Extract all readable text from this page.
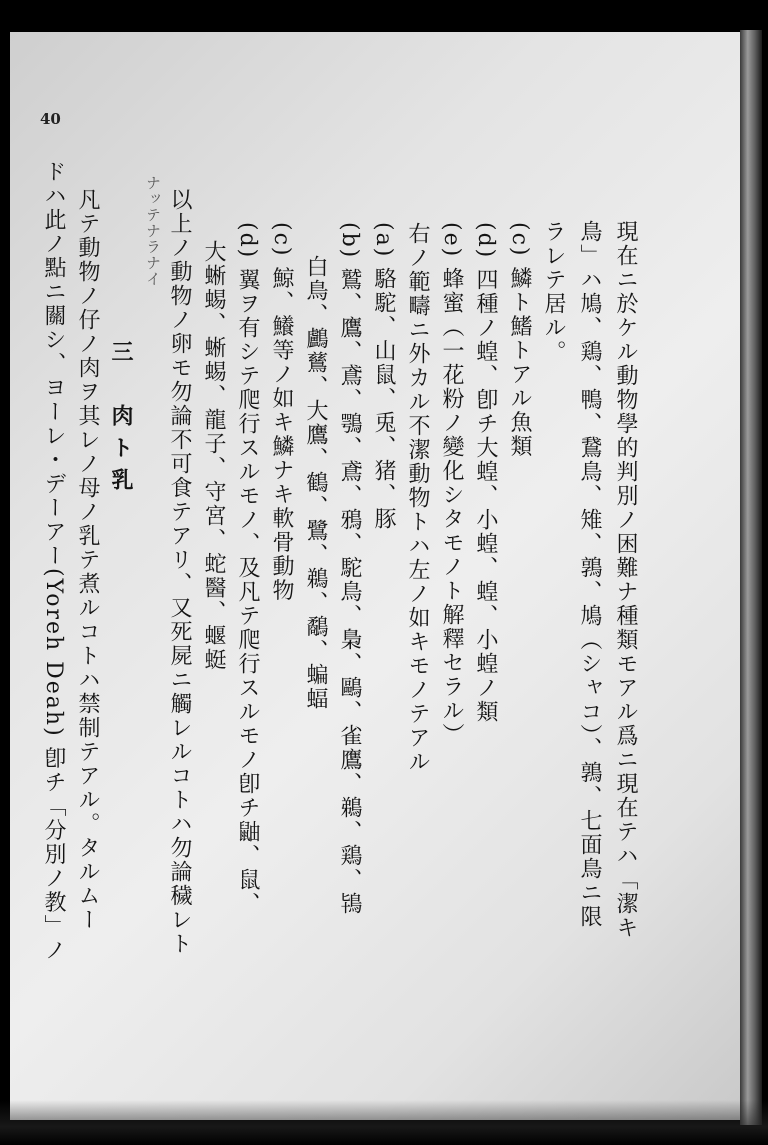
40
現在ニ於ケル動物學的判別ノ困難ナ種類モアル爲ニ現在テハ「潔キ
鳥」ハ鳩、鶏、鴨、鵞鳥、雉、鶉、鳩（シャコ）、鶉、七面鳥ニ限
ラレテ居ル。
(c) 鱗ト鰭トアル魚類
(d) 四種ノ蝗、卽チ大蝗、小蝗、蝗、小蝗ノ類
(e) 蜂蜜（一花粉ノ變化シタモノト解釋セラル）
右ノ範疇ニ外カル不潔動物トハ左ノ如キモノテアル
(a) 駱駝、山鼠、兎、猪、豚
(b) 鷲、鷹、鳶、鶚、鳶、鴉、駝鳥、梟、鷗、雀鷹、鵜、鶏、鴇
白鳥、鸕鶿、大鷹、鶴、鷺、鵜、鷸、蝙蝠
(c) 鯨、鱶等ノ如キ鱗ナキ軟骨動物
(d) 翼ヲ有シテ爬行スルモノ、及凡テ爬行スルモノ卽チ鼬、鼠、
大蜥蜴、蜥蜴、龍子、守宮、蛇醫、蝘蜓
以上ノ動物ノ卵モ勿論不可食テアリ、又死屍ニ觸レルコトハ勿論穢レト
ナッテナラナイ
三　肉ト乳
凡テ動物ノ仔ノ肉ヲ其レノ母ノ乳テ煮ルコトハ禁制テアル。タルムー
ドハ此ノ點ニ關シ、ヨーレ・デーアー(Yoreh Deah) 卽チ「分別ノ教」ノ
